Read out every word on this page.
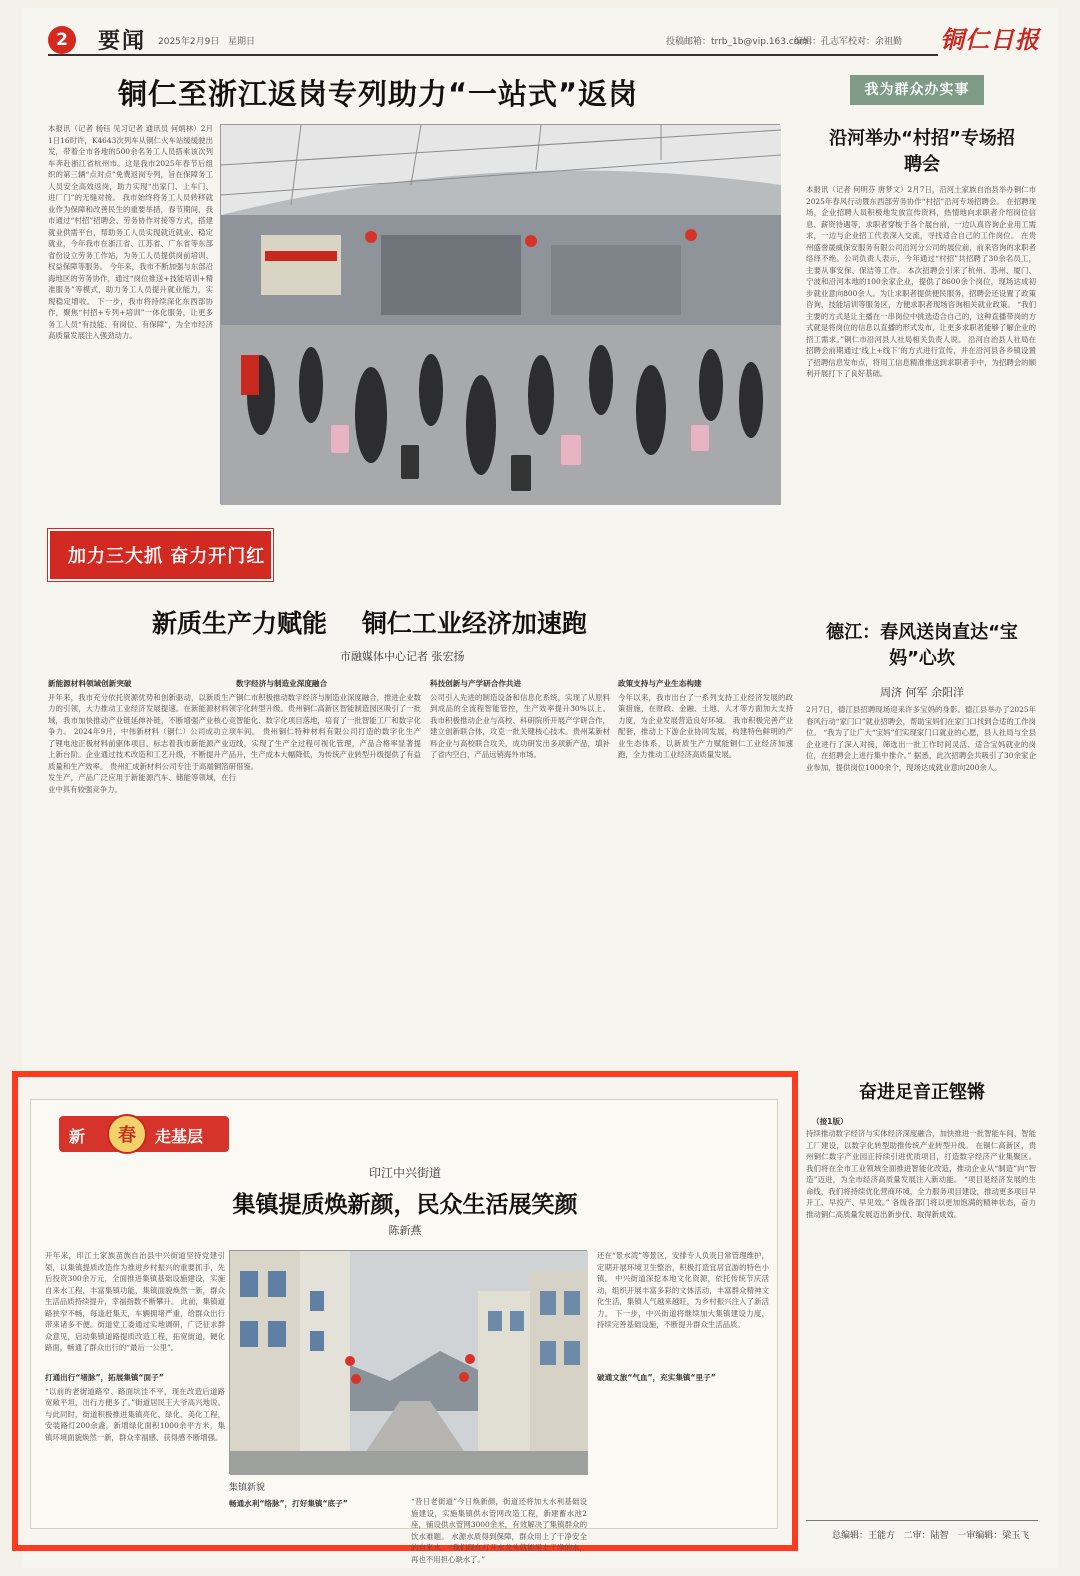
2	要闻 2025年2月9日 星期日	投稿邮箱：trrb_1b@vip.163.com
编辑：孔志军 校对：余祖勤 铜仁日报
铜仁至浙江返岗专列助力“一站式”返岗
本报讯（记者 杨钰 见习记者 通讯员 何炳林）2月1日16时许，K4643次列车从铜仁火车站缓缓驶出发，带着全市各地的500余名务工人员搭乘该次列车奔赴浙江省杭州市。这是我市2025年春节后组织的第三辆“点对点”免费返岗专列，旨在保障务工人员安全高效返岗，助力实现“出家门、上车门、进厂门”的无缝对接。 我市始终将务工人员转移就业作为保障和改善民生的重要举措，春节期间，我市通过“村招”招聘会、劳务协作对接等方式，搭建就业供需平台，帮助务工人员实现就近就业、稳定就业，今年我市在浙江省、江苏省、广东省等东部省份设立劳务工作站，为务工人员提供岗前培训、权益保障等服务。 今年来，我市不断加强与东部沿海地区的劳务协作，通过“岗位推送+技能培训+精准服务”等模式，助力务工人员提升就业能力，实现稳定增收。 下一步，我市将持续深化东西部协作，聚焦“村招+专列+培训”一体化服务，让更多务工人员“有技能、有岗位、有保障”，为全市经济高质量发展注入强劲动力。
我为群众办实事
沿河举办“村招”专场招聘会
本报讯（记者 何明芬 唐梦文）2月7日，沿河土家族自治县举办铜仁市2025年春风行动暨东西部劳务协作“村招”沿河专场招聘会。 在招聘现场，企业招聘人员积极地发放宣传资料，热情地向求职者介绍岗位信息、薪资待遇等，求职者穿梭于各个展台前，一边认真咨询企业用工需求，一边与企业招工代表深入交流，寻找适合自己的工作岗位。 在贵州盛誉晟威保安服务有限公司沿河分公司的展位前，前来咨询的求职者络绎不绝。公司负责人表示，今年通过“村招”共招聘了30余名员工，主要从事安保、保洁等工作。 本次招聘会引来了杭州、苏州、厦门、宁波和沿河本地的100余家企业，提供了8600余个岗位，现场达成初步就业意向800余人。为让求职者提供便民服务，招聘会还设置了政策咨询、技能培训等服务区，方便求职者现场咨询相关就业政策。 “我们主要的方式是让主播在一串岗位中挑选适合自己的，这种直播带岗的方式就是将岗位的信息以直播的形式发布，让更多求职者能够了解企业的招工需求。”铜仁市沿河县人社局相关负责人说。 沿河自治县人社局在招聘会前期通过‘线上+线下’的方式进行宣传，并在沿河县各乡镇设置了招聘信息发布点，将用工信息精准推送到求职者手中，为招聘会的顺利开展打下了良好基础。
德江：春风送岗直达“宝妈”心坎
周济 何军 余阳洋
2月7日，德江县招聘现场迎来许多宝妈的身影。德江县举办了2025年春风行动“家门口”就业招聘会，帮助宝妈们在家门口找到合适的工作岗位。 “我为了让广大“宝妈”们实现家门口就业的心愿，县人社局与全县企业进行了深入对接，筛选出一批工作时间灵活、适合宝妈就业的岗位，在招聘会上进行集中推介。” 据悉，此次招聘会共吸引了30余家企业参加，提供岗位1000余个，现场达成就业意向200余人。
奋进足音正铿锵
（接1版）
持续推动数字经济与实体经济深度融合，加快推进一批智能车间、智能工厂建设，以数字化转型助推传统产业转型升级。 在铜仁高新区，贵州铜仁数字产业园正持续引进优质项目，打造数字经济产业集聚区。 我们将在全市工业领域全面推进智能化改造，推动企业从“制造”向“智造”迈进，为全市经济高质量发展注入新动能。 “项目是经济发展的生命线，我们将持续优化营商环境，全力服务项目建设，推动更多项目早开工、早投产、早见效。” 各级各部门将以更加饱满的精神状态，奋力推动铜仁高质量发展迈出新步伐、取得新成效。
加力三大抓 奋力开门红
新质生产力赋能    铜仁工业经济加速跑
市融媒体中心记者 张宏扬
新能源材料领域创新突破
开年来，我市充分依托资源优势和创新驱动，以新质生产力的引领，大力推动工业经济发展提速。在新能源材料领域，我市加快推动产业链延伸补链，不断增强产业核心竞争力。 2024年9月，中伟新材料（铜仁）公司成功立项了锂电池正极材料前驱体项目，标志着我市新能源产业迈上新台阶。企业通过技术改造和工艺升级，不断提升产品质量和生产效率。 贵州汇成新材料公司专注于高端铜箔研发生产，产品广泛应用于新能源汽车、储能等领域，在行业中具有较强竞争力。
数字经济与制造业深度融合
铜仁市积极推动数字经济与制造业深度融合，推进企业数字化转型升级。贵州铜仁高新区智能制造园区吸引了一批智能化、数字化项目落地，培育了一批智能工厂和数字化车间。 贵州铜仁特种材料有限公司打造的数字化生产线，实现了生产全过程可视化管理，产品合格率显著提升，生产成本大幅降低，为传统产业转型升级提供了有益借鉴。
科技创新与产学研合作共进
公司引入先进的制造设备和信息化系统，实现了从原料到成品的全流程智能管控，生产效率提升30%以上。 我市积极推动企业与高校、科研院所开展产学研合作，建立创新联合体，攻克一批关键核心技术。贵州某新材料企业与高校联合攻关，成功研发出多项新产品，填补了省内空白，产品远销海外市场。
政策支持与产业生态构建
今年以来，我市出台了一系列支持工业经济发展的政策措施，在财政、金融、土地、人才等方面加大支持力度，为企业发展营造良好环境。 我市积极完善产业配套，推动上下游企业协同发展，构建特色鲜明的产业生态体系，以新质生产力赋能铜仁工业经济加速跑，全力推动工业经济高质量发展。
新	春	走基层
印江中兴街道
集镇提质焕新颜，民众生活展笑颜
陈新燕
开年来，印江土家族苗族自治县中兴街道坚持党建引领，以集镇提质改造作为推进乡村振兴的重要抓手，先后投资300余万元，全面推进集镇基础设施建设，实施自来水工程，丰富集镇功能，集镇面貌焕然一新，群众生活品质持续提升，幸福指数不断攀升。 此前，集镇道路狭窄不畅，每逢赶集天，车辆拥堵严重，给群众出行带来诸多不便。街道党工委通过实地调研，广泛征求群众意见，启动集镇道路提质改造工程，拓宽街道，硬化路面，畅通了群众出行的“最后一公里”。
打通出行“堵脉”，拓展集镇“面子”
“以前的老街道路窄、路面坑洼不平，现在改造后道路宽敞平坦，出行方便多了。”街道居民王大爷高兴地说。 与此同时，街道积极推进集镇亮化、绿化、美化工程，安装路灯200余盏，新增绿化面积1000余平方米，集镇环境面貌焕然一新，群众幸福感、获得感不断增强。
集镇新貌
畅通水利“络脉”，打好集镇“底子”	“昔日老街道”今日焕新颜，街道还将加大水利基础设施建设，实施集镇供水管网改造工程，新建蓄水池2座，铺设供水管网3000余米，有效解决了集镇群众的饮水难题。 水源水质得到保障，群众用上了干净安全的自来水，“我们现在打开水龙头就能用上干净的水，再也不用担心缺水了。”
还在“景水湾”等景区，安排专人负责日常管理维护，定期开展环境卫生整治，积极打造宜居宜游的特色小镇。 中兴街道深挖本地文化资源，依托传统节庆活动，组织开展丰富多彩的文体活动，丰富群众精神文化生活，集镇人气越来越旺，为乡村振兴注入了新活力。 下一步，中兴街道将继续加大集镇建设力度，持续完善基础设施，不断提升群众生活品质。
破通文旅“气血”，充实集镇“里子”
总编辑：王能方 二审：陆智 一审编辑：梁玉飞
